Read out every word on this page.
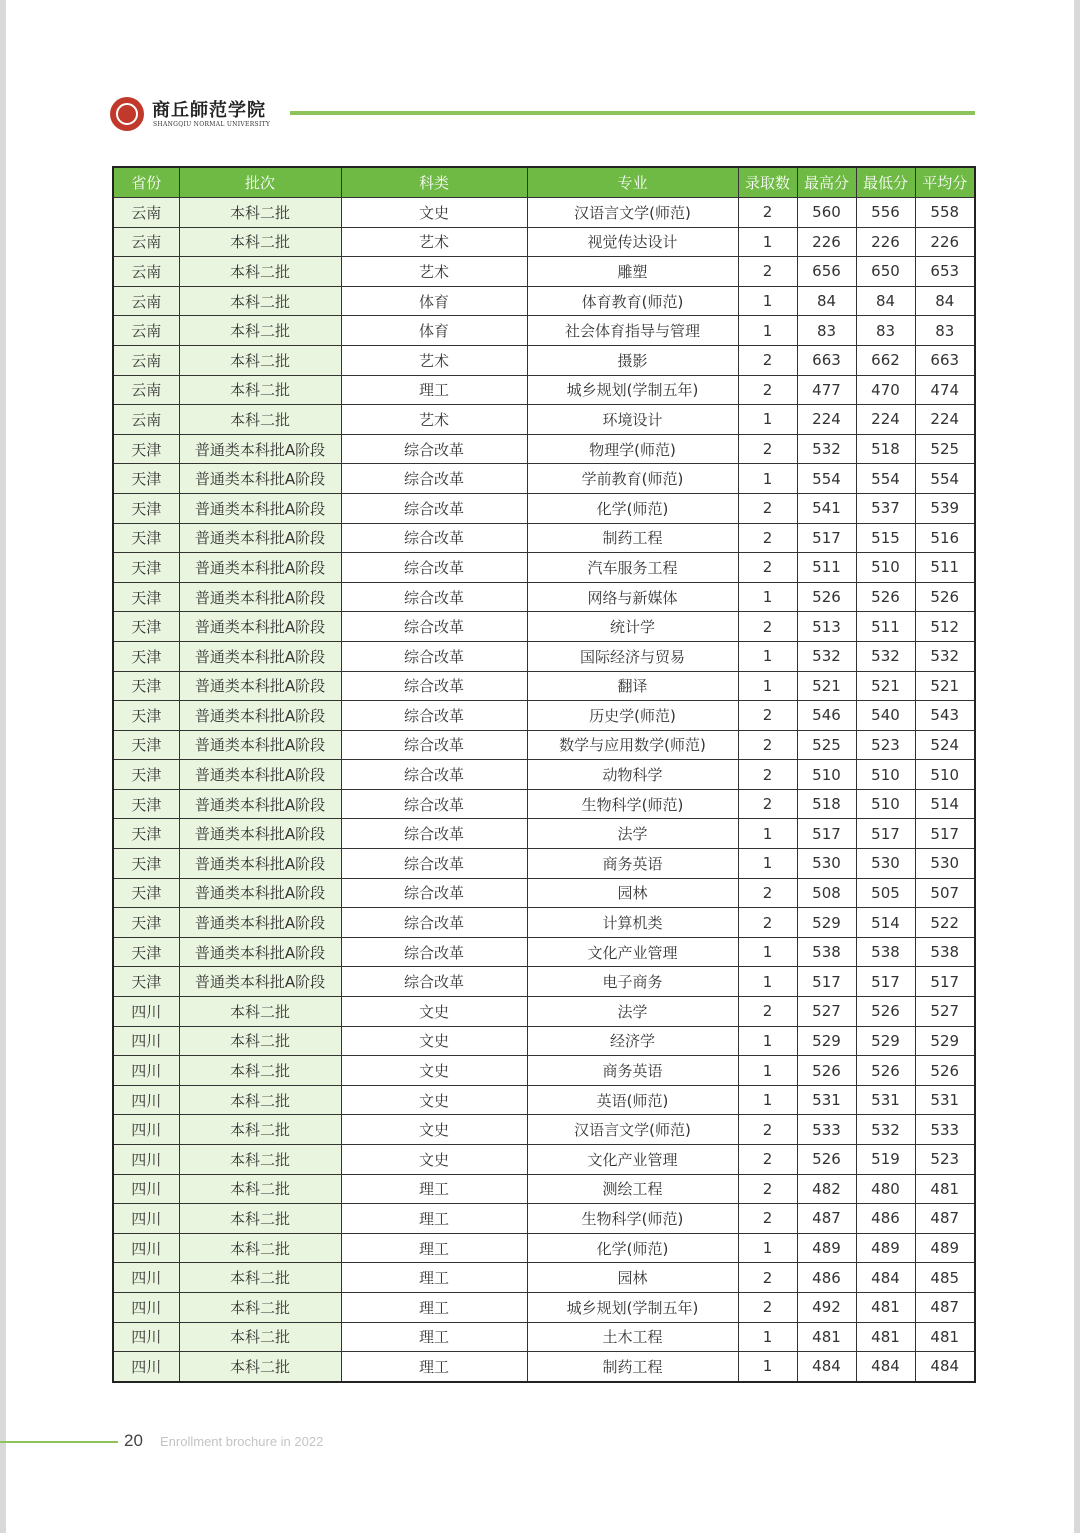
商丘師范学院
SHANGQIU NORMAL UNIVERSITY
省份	批次	科类	专业	录取数	最高分	最低分	平均分
云南	本科二批	文史	汉语言文学(师范)	2	560	556	558
云南	本科二批	艺术	视觉传达设计	1	226	226	226
云南	本科二批	艺术	雕塑	2	656	650	653
云南	本科二批	体育	体育教育(师范)	1	84	84	84
云南	本科二批	体育	社会体育指导与管理	1	83	83	83
云南	本科二批	艺术	摄影	2	663	662	663
云南	本科二批	理工	城乡规划(学制五年)	2	477	470	474
云南	本科二批	艺术	环境设计	1	224	224	224
天津	普通类本科批A阶段	综合改革	物理学(师范)	2	532	518	525
天津	普通类本科批A阶段	综合改革	学前教育(师范)	1	554	554	554
天津	普通类本科批A阶段	综合改革	化学(师范)	2	541	537	539
天津	普通类本科批A阶段	综合改革	制药工程	2	517	515	516
天津	普通类本科批A阶段	综合改革	汽车服务工程	2	511	510	511
天津	普通类本科批A阶段	综合改革	网络与新媒体	1	526	526	526
天津	普通类本科批A阶段	综合改革	统计学	2	513	511	512
天津	普通类本科批A阶段	综合改革	国际经济与贸易	1	532	532	532
天津	普通类本科批A阶段	综合改革	翻译	1	521	521	521
天津	普通类本科批A阶段	综合改革	历史学(师范)	2	546	540	543
天津	普通类本科批A阶段	综合改革	数学与应用数学(师范)	2	525	523	524
天津	普通类本科批A阶段	综合改革	动物科学	2	510	510	510
天津	普通类本科批A阶段	综合改革	生物科学(师范)	2	518	510	514
天津	普通类本科批A阶段	综合改革	法学	1	517	517	517
天津	普通类本科批A阶段	综合改革	商务英语	1	530	530	530
天津	普通类本科批A阶段	综合改革	园林	2	508	505	507
天津	普通类本科批A阶段	综合改革	计算机类	2	529	514	522
天津	普通类本科批A阶段	综合改革	文化产业管理	1	538	538	538
天津	普通类本科批A阶段	综合改革	电子商务	1	517	517	517
四川	本科二批	文史	法学	2	527	526	527
四川	本科二批	文史	经济学	1	529	529	529
四川	本科二批	文史	商务英语	1	526	526	526
四川	本科二批	文史	英语(师范)	1	531	531	531
四川	本科二批	文史	汉语言文学(师范)	2	533	532	533
四川	本科二批	文史	文化产业管理	2	526	519	523
四川	本科二批	理工	测绘工程	2	482	480	481
四川	本科二批	理工	生物科学(师范)	2	487	486	487
四川	本科二批	理工	化学(师范)	1	489	489	489
四川	本科二批	理工	园林	2	486	484	485
四川	本科二批	理工	城乡规划(学制五年)	2	492	481	487
四川	本科二批	理工	土木工程	1	481	481	481
四川	本科二批	理工	制药工程	1	484	484	484
20 Enrollment brochure in 2022
